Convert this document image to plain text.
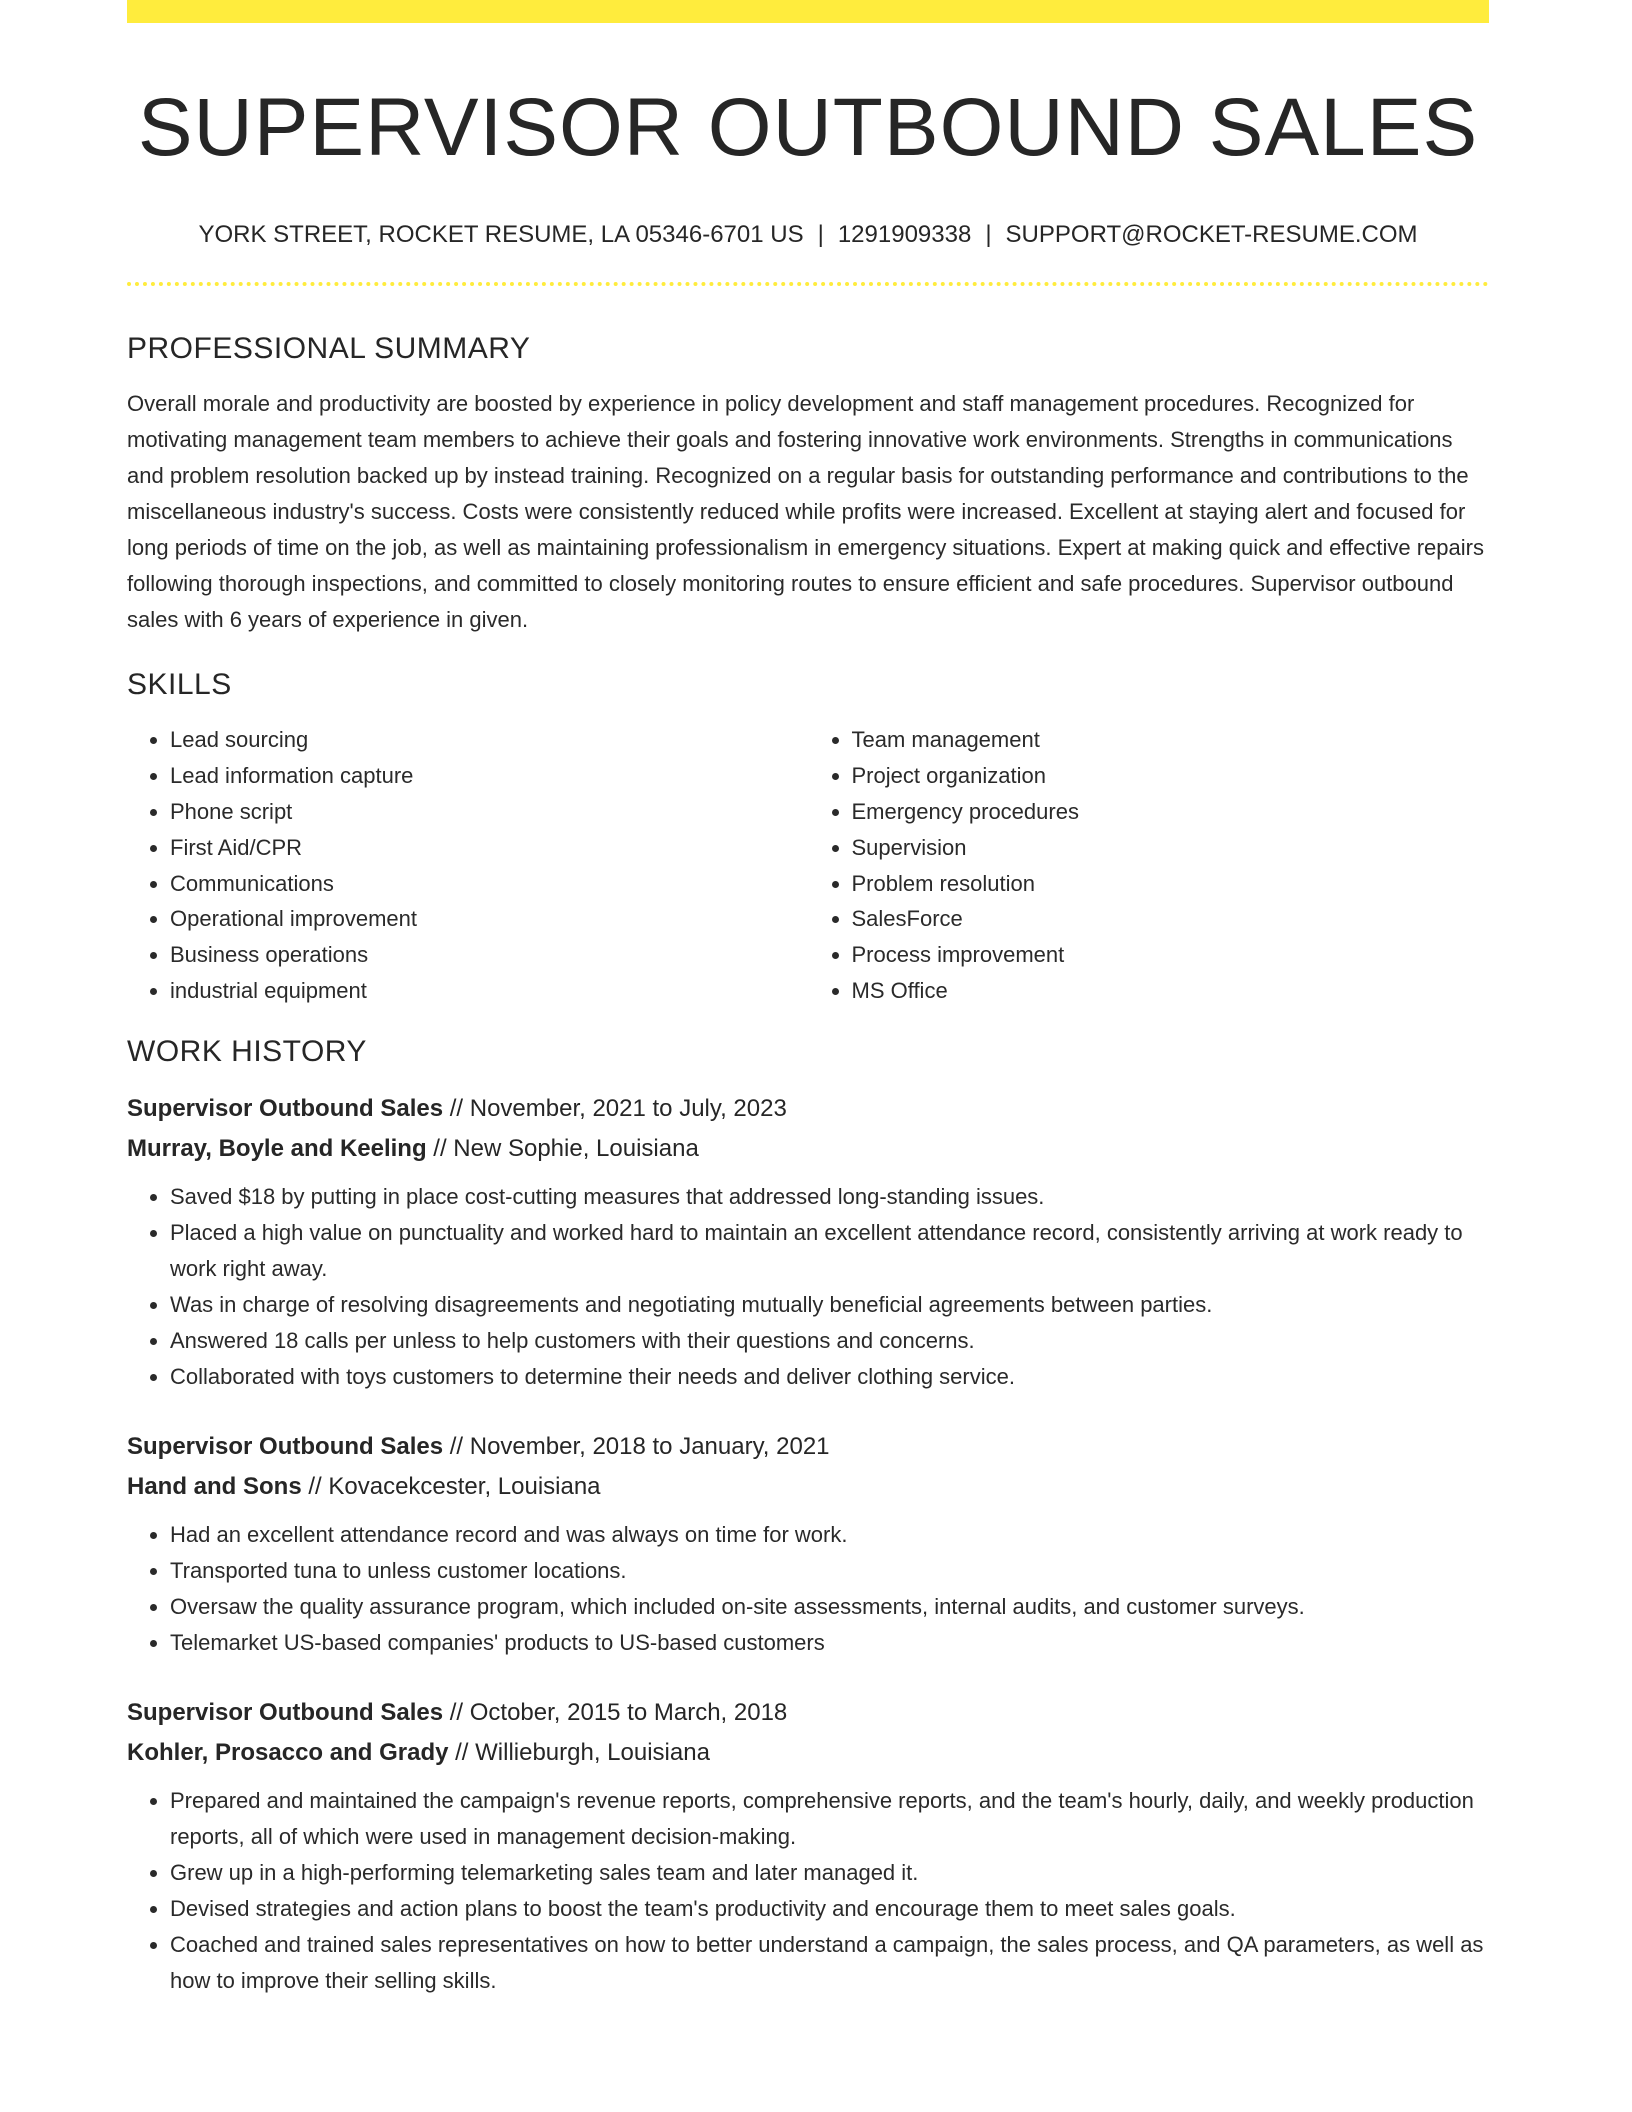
SUPERVISOR OUTBOUND SALES
YORK STREET, ROCKET RESUME, LA 05346-6701 US | 1291909338 | SUPPORT@ROCKET-RESUME.COM
PROFESSIONAL SUMMARY

Overall morale and productivity are boosted by experience in policy development and staff management procedures. Recognized for motivating management team members to achieve their goals and fostering innovative work environments. Strengths in communications and problem resolution backed up by instead training. Recognized on a regular basis for outstanding performance and contributions to the miscellaneous industry's success. Costs were consistently reduced while profits were increased. Excellent at staying alert and focused for long periods of time on the job, as well as maintaining professionalism in emergency situations. Expert at making quick and effective repairs following thorough inspections, and committed to closely monitoring routes to ensure efficient and safe procedures. Supervisor outbound sales with 6 years of experience in given.

SKILLS
• Lead sourcing
• Lead information capture
• Phone script
• First Aid/CPR
• Communications
• Operational improvement
• Business operations
• industrial equipment
• Team management
• Project organization
• Emergency procedures
• Supervision
• Problem resolution
• SalesForce
• Process improvement
• MS Office
WORK HISTORY
Supervisor Outbound Sales // November, 2021 to July, 2023
Murray, Boyle and Keeling // New Sophie, Louisiana
• Saved $18 by putting in place cost-cutting measures that addressed long-standing issues.
• Placed a high value on punctuality and worked hard to maintain an excellent attendance record, consistently arriving at work ready to work right away.
• Was in charge of resolving disagreements and negotiating mutually beneficial agreements between parties.
• Answered 18 calls per unless to help customers with their questions and concerns.
• Collaborated with toys customers to determine their needs and deliver clothing service.
Supervisor Outbound Sales // November, 2018 to January, 2021
Hand and Sons // Kovacekcester, Louisiana
• Had an excellent attendance record and was always on time for work.
• Transported tuna to unless customer locations.
• Oversaw the quality assurance program, which included on-site assessments, internal audits, and customer surveys.
• Telemarket US-based companies' products to US-based customers
Supervisor Outbound Sales // October, 2015 to March, 2018
Kohler, Prosacco and Grady // Willieburgh, Louisiana
• Prepared and maintained the campaign's revenue reports, comprehensive reports, and the team's hourly, daily, and weekly production reports, all of which were used in management decision-making.
• Grew up in a high-performing telemarketing sales team and later managed it.
• Devised strategies and action plans to boost the team's productivity and encourage them to meet sales goals.
• Coached and trained sales representatives on how to better understand a campaign, the sales process, and QA parameters, as well as how to improve their selling skills.
